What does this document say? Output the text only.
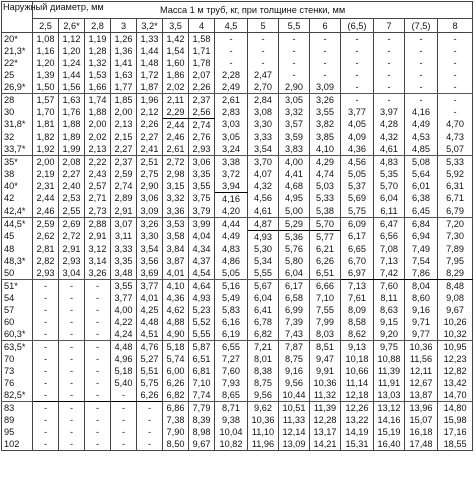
Наружный диаметр, мм	Масса 1 м труб, кг, при толщине стенки, мм														
	2,5	2,6*	2,8	3	3,2*	3,5	4	4,5	5	5,5	6	(6,5)	7	(7,5)	8
20*	1,08	1,12	1,19	1,26	1,33	1,42	1,58	-	-	-	-	-	-	-	-
21,3*	1,16	1,20	1,28	1,36	1,44	1,54	1,71	-	-	-	-	-	-	-	-
22*	1,20	1,24	1,32	1,41	1,48	1,60	1,78	-	-	-	-	-	-	-	-
25	1,39	1,44	1,53	1,63	1,72	1,86	2,07	2,28	2,47	-	-	-	-	-	-
26,9*	1,50	1,56	1,66	1,77	1,87	2,02	2,26	2,49	2,70	2,90	3,09	-	-	-	-
28	1,57	1,63	1,74	1,85	1,96	2,11	2,37	2,61	2,84	3,05	3,26	-	-	-	-
30	1,70	1,76	1,88	2,00	2,12	2,29	2,56	2,83	3,08	3,32	3,55	3,77	3,97	4,16	-
31,8*	1,81	1,88	2,00	2,13	2,26	2,44	2,74	3,03	3,30	3,57	3,82	4,05	4,28	4,49	4,70
32	1,82	1,89	2,02	2,15	2,27	2,46	2,76	3,05	3,33	3,59	3,85	4,09	4,32	4,53	4,73
33,7*	1,92	1,99	2,13	2,27	2,41	2,61	2,93	3,24	3,54	3,83	4,10	4,36	4,61	4,85	5,07
35*	2,00	2,08	2,22	2,37	2,51	2,72	3,06	3,38	3,70	4,00	4,29	4,56	4,83	5,08	5,33
38	2,19	2,27	2,43	2,59	2,75	2,98	3,35	3,72	4,07	4,41	4,74	5,05	5,35	5,64	5,92
40*	2,31	2,40	2,57	2,74	2,90	3,15	3,55	3,94	4,32	4,68	5,03	5,37	5,70	6,01	6,31
42	2,44	2,53	2,71	2,89	3,06	3,32	3,75	4,16	4,56	4,95	5,33	5,69	6,04	6,38	6,71
42,4*	2,46	2,55	2,73	2,91	3,09	3,36	3,79	4,20	4,61	5,00	5,38	5,75	6,11	6,45	6,79
44,5*	2,59	2,69	2,88	3,07	3,26	3,53	3,99	4,44	4,87	5,29	5,70	6,09	6,47	6,84	7,20
45	2,62	2,72	2,91	3,11	3,30	3,58	4,04	4,49	4,93	5,36	5,77	6,17	6,56	6,94	7,30
48	2,81	2,91	3,12	3,33	3,54	3,84	4,34	4,83	5,30	5,76	6,21	6,65	7,08	7,49	7,89
48,3*	2,82	2,93	3,14	3,35	3,56	3,87	4,37	4,86	5,34	5,80	6,26	6,70	7,13	7,54	7,95
50	2,93	3,04	3,26	3,48	3,69	4,01	4,54	5,05	5,55	6,04	6,51	6,97	7,42	7,86	8,29
51*	-	-	-	3,55	3,77	4,10	4,64	5,16	5,67	6,17	6,66	7,13	7,60	8,04	8,48
54	-	-	-	3,77	4,01	4,36	4,93	5,49	6,04	6,58	7,10	7,61	8,11	8,60	9,08
57	-	-	-	4,00	4,25	4,62	5,23	5,83	6,41	6,99	7,55	8,09	8,63	9,16	9,67
60	-	-	-	4,22	4,48	4,88	5,52	6,16	6,78	7,39	7,99	8,58	9,15	9,71	10,26
60,3*	-	-	-	4,24	4,51	4,90	5,55	6,19	6,82	7,43	8,03	8,62	9,20	9,77	10,32
63,5*	-	-	-	4,48	4,76	5,18	5,87	6,55	7,21	7,87	8,51	9,13	9,75	10,36	10,95
70	-	-	-	4,96	5,27	5,74	6,51	7,27	8,01	8,75	9,47	10,18	10,88	11,56	12,23
73	-	-	-	5,18	5,51	6,00	6,81	7,60	8,38	9,16	9,91	10,66	11,39	12,11	12,82
76	-	-	-	5,40	5,75	6,26	7,10	7,93	8,75	9,56	10,36	11,14	11,91	12,67	13,42
82,5*	-	-	-	-	6,26	6,82	7,74	8,65	9,56	10,44	11,32	12,18	13,03	13,87	14,70
83	-	-	-	-	-	6,86	7,79	8,71	9,62	10,51	11,39	12,26	13,12	13,96	14,80
89	-	-	-	-	-	7,38	8,39	9,38	10,36	11,33	12,28	13,22	14,16	15,07	15,98
95	-	-	-	-	-	7,90	8,98	10,04	11,10	12,14	13,17	14,19	15,19	16,18	17,16
102	-	-	-	-	-	8,50	9,67	10,82	11,96	13,09	14,21	15,31	16,40	17,48	18,55
